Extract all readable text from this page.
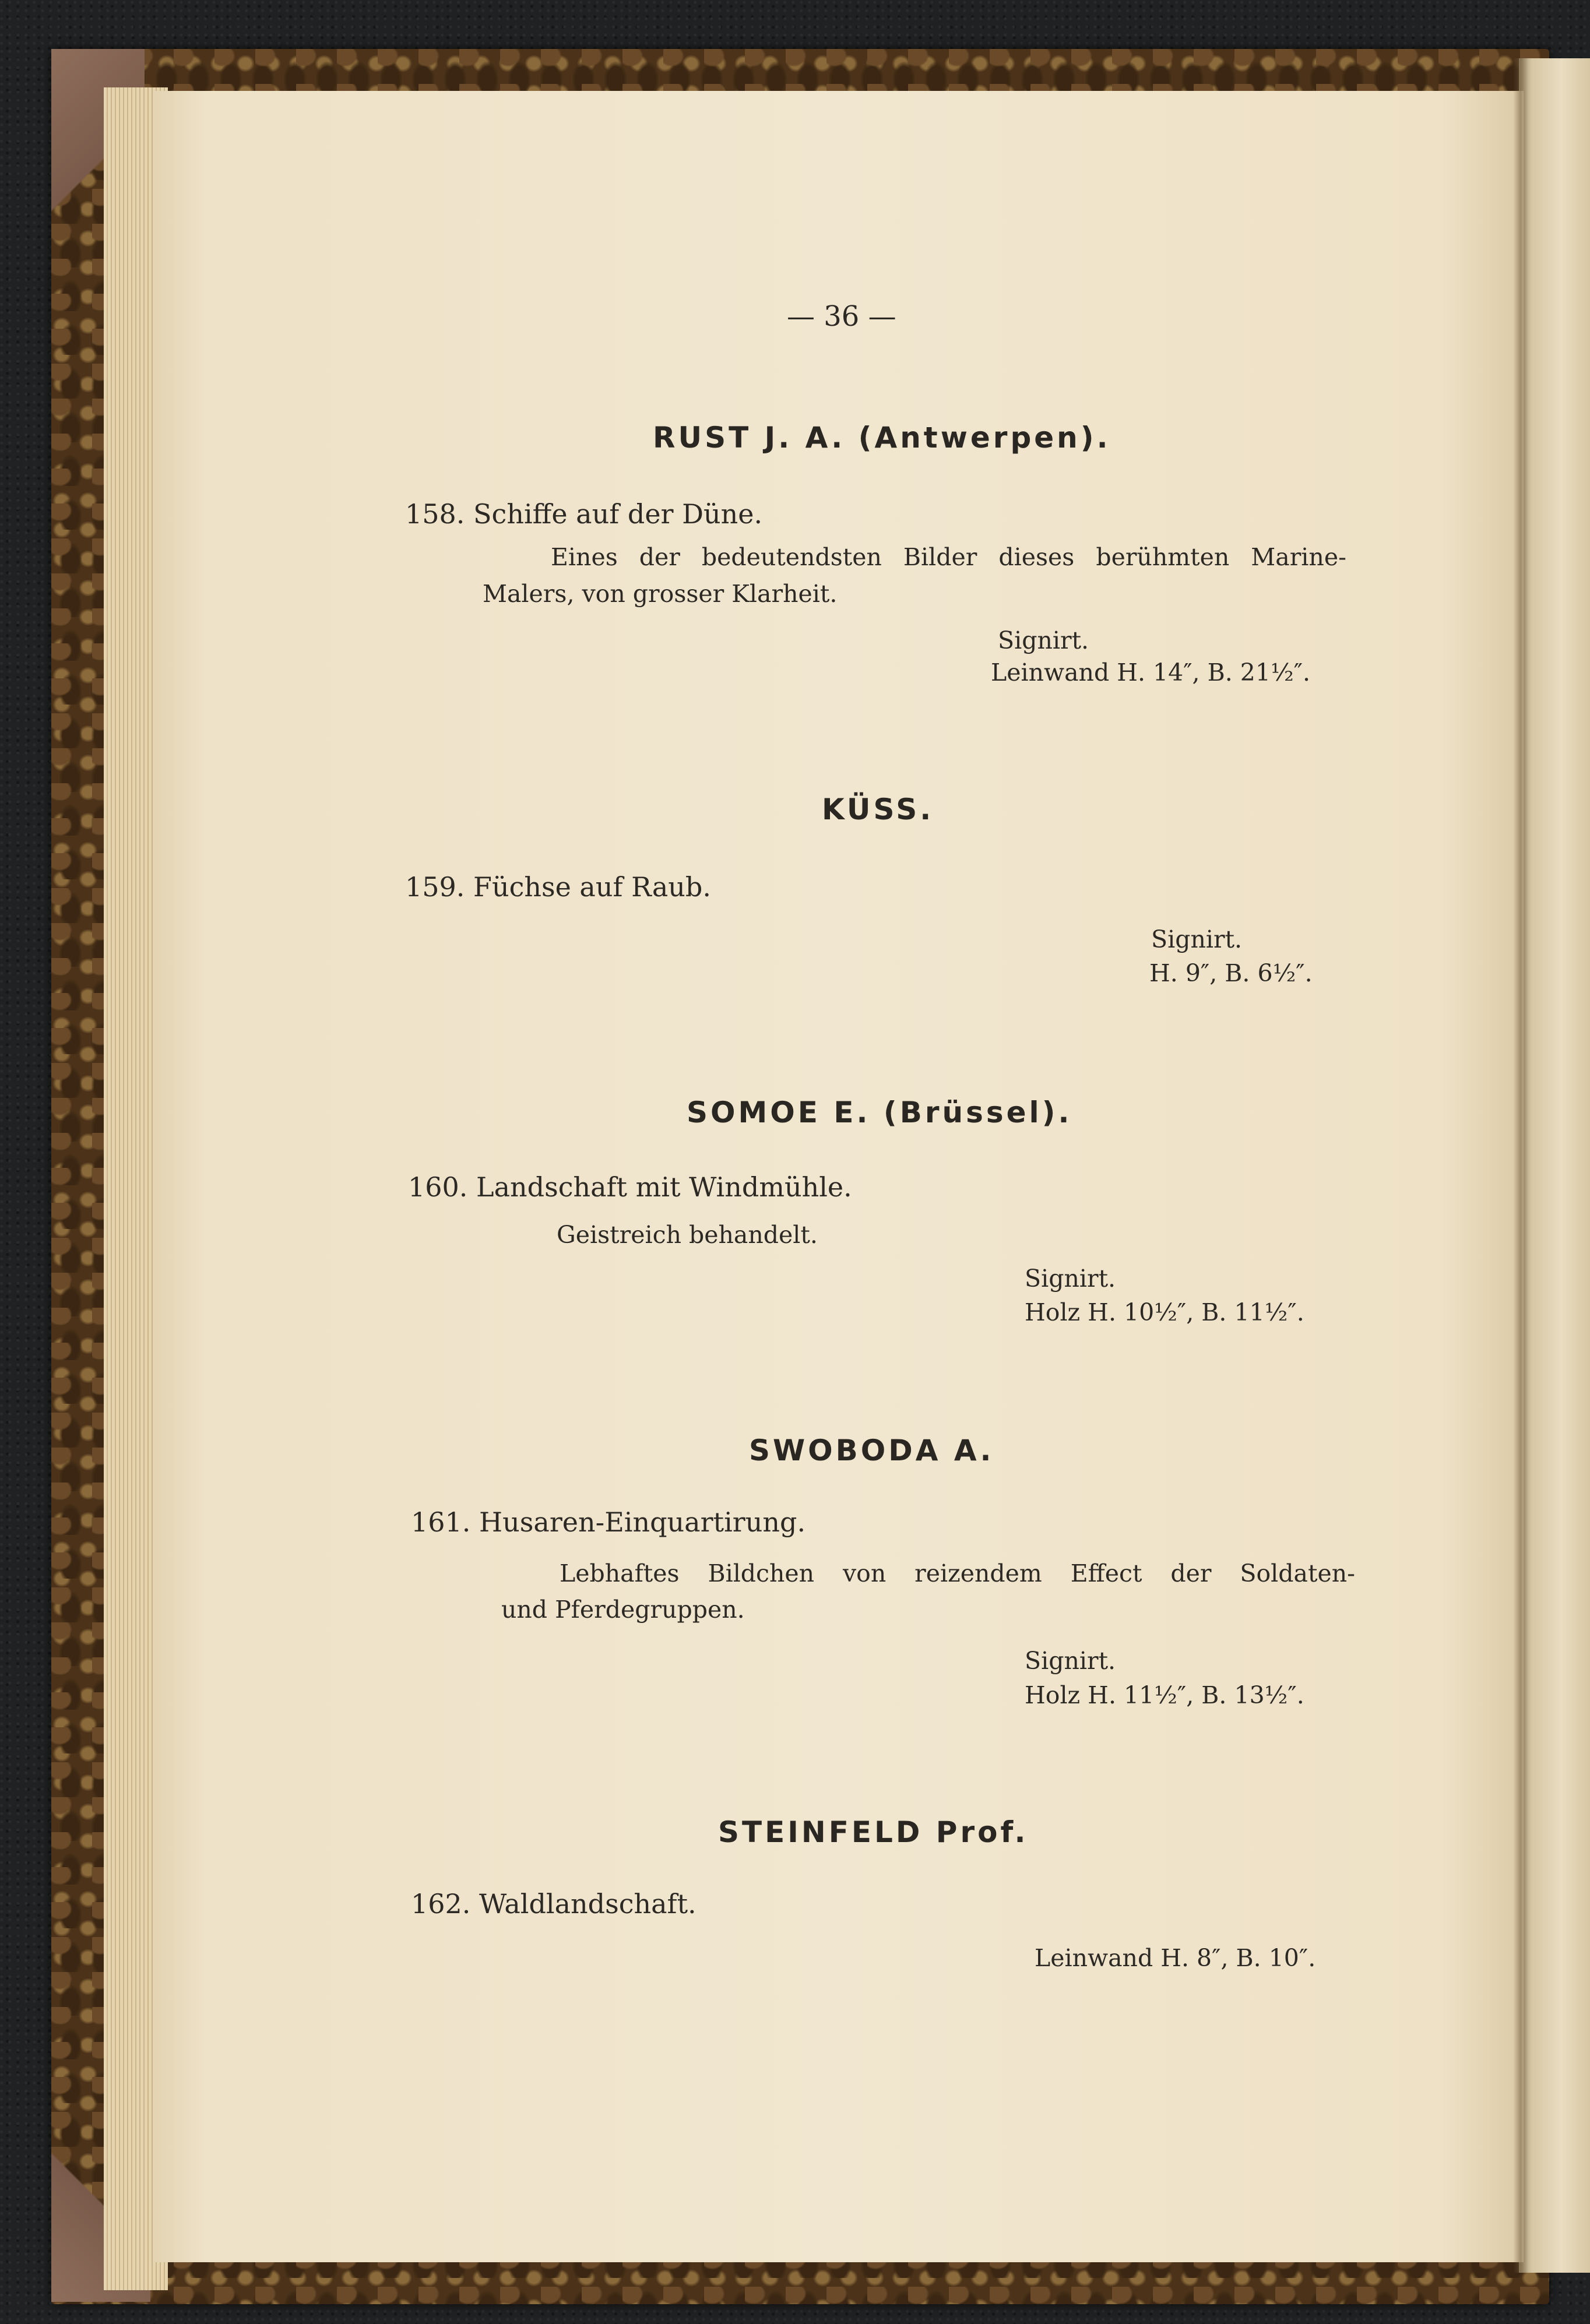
— 36 —
RUST J. A. (Antwerpen).
158. Schiffe auf der Düne.
Eines der bedeutendsten Bilder dieses berühmten Marine-
Malers, von grosser Klarheit.
Signirt.
Leinwand H. 14″, B. 21½″.
KÜSS.
159. Füchse auf Raub.
Signirt.
H. 9″, B. 6½″.
SOMOE E. (Brüssel).
160. Landschaft mit Windmühle.
Geistreich behandelt.
Signirt.
Holz H. 10½″, B. 11½″.
SWOBODA A.
161. Husaren-Einquartirung.
Lebhaftes Bildchen von reizendem Effect der Soldaten-
und Pferdegruppen.
Signirt.
Holz H. 11½″, B. 13½″.
STEINFELD Prof.
162. Waldlandschaft.
Leinwand H. 8″, B. 10″.
